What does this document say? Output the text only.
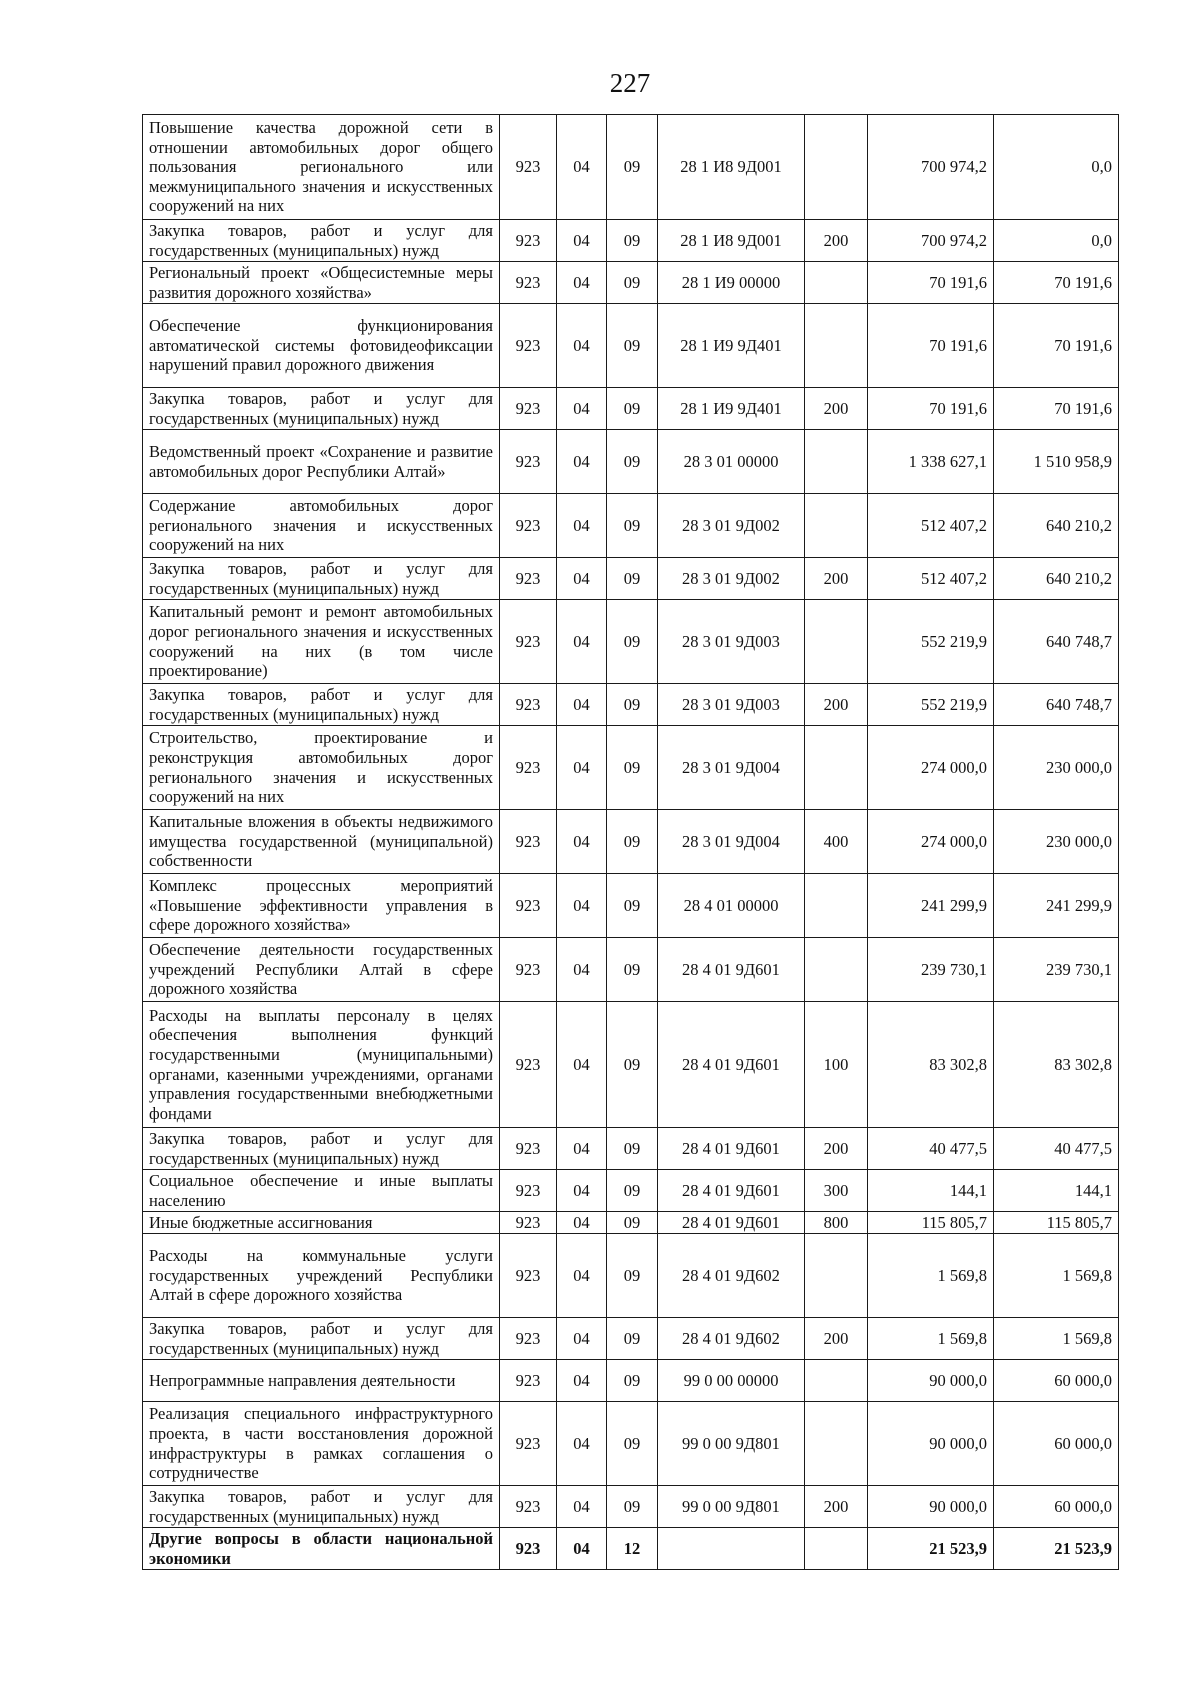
227
Повышение качества дорожной сети в отношении автомобильных дорог общего пользования регионального или межмуниципального значения и искусственных сооружений на них	923	04	09	28 1 И8 9Д001		700 974,2	0,0
Закупка товаров, работ и услуг для государственных (муниципальных) нужд	923	04	09	28 1 И8 9Д001	200	700 974,2	0,0
Региональный проект «Общесистемные меры развития дорожного хозяйства»	923	04	09	28 1 И9 00000		70 191,6	70 191,6
Обеспечение функционирования автоматической системы фотовидеофиксации нарушений правил дорожного движения	923	04	09	28 1 И9 9Д401		70 191,6	70 191,6
Закупка товаров, работ и услуг для государственных (муниципальных) нужд	923	04	09	28 1 И9 9Д401	200	70 191,6	70 191,6
Ведомственный проект «Сохранение и развитие автомобильных дорог Республики Алтай»	923	04	09	28 3 01 00000		1 338 627,1	1 510 958,9
Содержание автомобильных дорог регионального значения и искусственных сооружений на них	923	04	09	28 3 01 9Д002		512 407,2	640 210,2
Закупка товаров, работ и услуг для государственных (муниципальных) нужд	923	04	09	28 3 01 9Д002	200	512 407,2	640 210,2
Капитальный ремонт и ремонт автомобильных дорог регионального значения и искусственных сооружений на них (в том числе проектирование)	923	04	09	28 3 01 9Д003		552 219,9	640 748,7
Закупка товаров, работ и услуг для государственных (муниципальных) нужд	923	04	09	28 3 01 9Д003	200	552 219,9	640 748,7
Строительство, проектирование и реконструкция автомобильных дорог регионального значения и искусственных сооружений на них	923	04	09	28 3 01 9Д004		274 000,0	230 000,0
Капитальные вложения в объекты недвижимого имущества государственной (муниципальной) собственности	923	04	09	28 3 01 9Д004	400	274 000,0	230 000,0
Комплекс процессных мероприятий «Повышение эффективности управления в сфере дорожного хозяйства»	923	04	09	28 4 01 00000		241 299,9	241 299,9
Обеспечение деятельности государственных учреждений Республики Алтай в сфере дорожного хозяйства	923	04	09	28 4 01 9Д601		239 730,1	239 730,1
Расходы на выплаты персоналу в целях обеспечения выполнения функций государственными (муниципальными) органами, казенными учреждениями, органами управления государственными внебюджетными фондами	923	04	09	28 4 01 9Д601	100	83 302,8	83 302,8
Закупка товаров, работ и услуг для государственных (муниципальных) нужд	923	04	09	28 4 01 9Д601	200	40 477,5	40 477,5
Социальное обеспечение и иные выплаты населению	923	04	09	28 4 01 9Д601	300	144,1	144,1
Иные бюджетные ассигнования	923	04	09	28 4 01 9Д601	800	115 805,7	115 805,7
Расходы на коммунальные услуги государственных учреждений Республики Алтай в сфере дорожного хозяйства	923	04	09	28 4 01 9Д602		1 569,8	1 569,8
Закупка товаров, работ и услуг для государственных (муниципальных) нужд	923	04	09	28 4 01 9Д602	200	1 569,8	1 569,8
Непрограммные направления деятельности	923	04	09	99 0 00 00000		90 000,0	60 000,0
Реализация специального инфраструктурного проекта, в части восстановления дорожной инфраструктуры в рамках соглашения о сотрудничестве	923	04	09	99 0 00 9Д801		90 000,0	60 000,0
Закупка товаров, работ и услуг для государственных (муниципальных) нужд	923	04	09	99 0 00 9Д801	200	90 000,0	60 000,0
Другие вопросы в области национальной экономики	923	04	12			21 523,9	21 523,9
